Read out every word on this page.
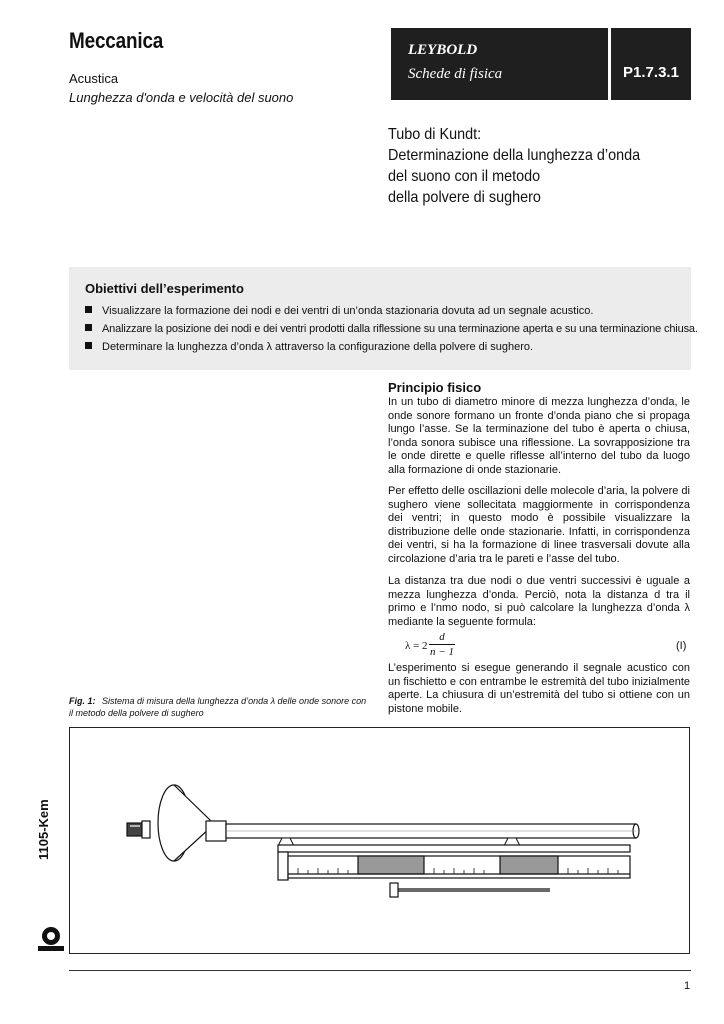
Meccanica
Acustica
Lunghezza d'onda e velocità del suono
LEYBOLD
Schede di fisica	P1.7.3.1
Tubo di Kundt:
Determinazione della lunghezza d’onda
del suono con il metodo
della polvere di sughero
Obiettivi dell’esperimento
Visualizzare la formazione dei nodi e dei ventri di un’onda stazionaria dovuta ad un segnale acustico.
Analizzare la posizione dei nodi e dei ventri prodotti dalla riflessione su una terminazione aperta e su una terminazione chiusa.
Determinare la lunghezza d’onda λ attraverso la configurazione della polvere di sughero.
Principio fisico
In un tubo di diametro minore di mezza lunghezza d’onda, le onde sonore formano un fronte d’onda piano che si propaga lungo l’asse. Se la terminazione del tubo è aperta o chiusa, l’onda sonora subisce una riflessione. La sovrapposizione tra le onde dirette e quelle riflesse all’interno del tubo da luogo alla formazione di onde stazionarie.
Per effetto delle oscillazioni delle molecole d’aria, la polvere di sughero viene sollecitata maggiormente in corrispondenza dei ventri; in questo modo è possibile visualizzare la distribuzione delle onde stazionarie. Infatti, in corrispondenza dei ventri, si ha la formazione di linee trasversali dovute alla circolazione d’aria tra le pareti e l’asse del tubo.
La distanza tra due nodi o due ventri successivi è uguale a mezza lunghezza d’onda. Perciò, nota la distanza d tra il primo e l’nmo nodo, si può calcolare la lunghezza d’onda λ mediante la seguente formula:
λ = 2
d
n − 1	(I)
L’esperimento si esegue generando il segnale acustico con un fischietto e con entrambe le estremità del tubo inizialmente aperte. La chiusura di un’estremità del tubo si ottiene con un pistone mobile.
Fig. 1: Sistema di misura della lunghezza d’onda λ delle onde sonore con il metodo della polvere di sughero
1105-Kem
1
